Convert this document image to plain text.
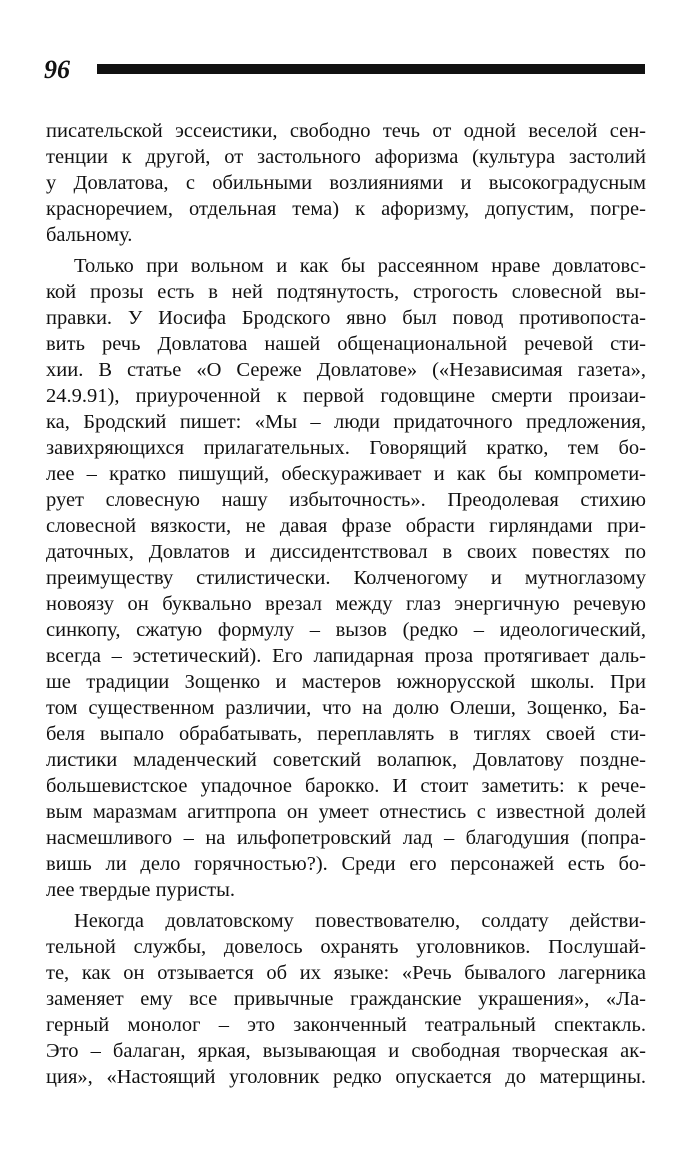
96
писательской эссеистики, свободно течь от одной веселой сен-
тенции к другой, от застольного афоризма (культура застолий
у Довлатова, с обильными возлияниями и высокоградусным
красноречием, отдельная тема) к афоризму, допустим, погре-
бальному.
Только при вольном и как бы рассеянном нраве довлатовс-
кой прозы есть в ней подтянутость, строгость словесной вы-
правки. У Иосифа Бродского явно был повод противопоста-
вить речь Довлатова нашей общенациональной речевой сти-
хии. В статье «О Сереже Довлатове» («Независимая газета»,
24.9.91), приуроченной к первой годовщине смерти произаи-
ка, Бродский пишет: «Мы – люди придаточного предложения,
завихряющихся прилагательных. Говорящий кратко, тем бо-
лее – кратко пишущий, обескураживает и как бы компромети-
рует словесную нашу избыточность». Преодолевая стихию
словесной вязкости, не давая фразе обрасти гирляндами при-
даточных, Довлатов и диссидентствовал в своих повестях по
преимуществу стилистически. Колченогому и мутноглазому
новоязу он буквально врезал между глаз энергичную речевую
синкопу, сжатую формулу – вызов (редко – идеологический,
всегда – эстетический). Его лапидарная проза протягивает даль-
ше традиции Зощенко и мастеров южнорусской школы. При
том существенном различии, что на долю Олеши, Зощенко, Ба-
беля выпало обрабатывать, переплавлять в тиглях своей сти-
листики младенческий советский волапюк, Довлатову поздне-
большевистское упадочное барокко. И стоит заметить: к рече-
вым маразмам агитпропа он умеет отнестись с известной долей
насмешливого – на ильфопетровский лад – благодушия (попра-
вишь ли дело горячностью?). Среди его персонажей есть бо-
лее твердые пуристы.
Некогда довлатовскому повествователю, солдату действи-
тельной службы, довелось охранять уголовников. Послушай-
те, как он отзывается об их языке: «Речь бывалого лагерника
заменяет ему все привычные гражданские украшения», «Ла-
герный монолог – это законченный театральный спектакль.
Это – балаган, яркая, вызывающая и свободная творческая ак-
ция», «Настоящий уголовник редко опускается до матерщины.
